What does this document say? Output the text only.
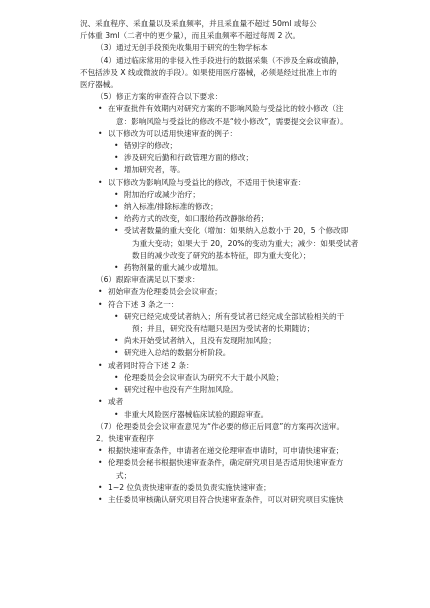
況、采血程序、采血量以及采血频率，并且采血量不超过 50ml 或每公
斤体重 3ml（二者中的更少量），而且采血频率不超过每周 2 次。
（3）通过无创手段预先收集用于研究的生物学标本
（4）通过临床常用的非侵入性手段进行的数据采集（不涉及全麻或镇静，
不包括涉及 X 线或微波的手段）。如果使用医疗器械，必须是经过批准上市的
医疗器械。
（5）修正方案的审查符合以下要求：
• 在审查批件有效期内对研究方案的不影响风险与受益比的较小修改（注
意：影响风险与受益比的修改不是“较小修改”，需要提交会议审查）。
• 以下修改为可以适用快速审查的例子：
• 错别字的修改；
• 涉及研究后勤和行政管理方面的修改；
• 增加研究者，等。
• 以下修改为影响风险与受益比的修改，不适用于快速审查：
• 附加治疗或减少治疗；
• 纳入标准/排除标准的修改；
• 给药方式的改变，如口服给药改静脉给药；
• 受试者数量的重大变化（增加：如果纳入总数小于 20，5 个修改即
为重大变动；如果大于 20，20%的变动为重大；减少：如果受试者
数目的减少改变了研究的基本特征，即为重大变化）；
• 药物剂量的重大减少或增加。
（6）跟踪审查满足以下要求：
• 初始审查为伦理委员会会议审查；
• 符合下述 3 条之一：
• 研究已经完成受试者纳入；所有受试者已经完成全部试验相关的干
预；并且，研究没有结题只是因为受试者的长期随访；
• 尚未开始受试者纳入，且没有发现附加风险；
• 研究进入总结的数据分析阶段。
• 或者同时符合下述 2 条：
• 伦理委员会会议审查认为研究不大于最小风险；
• 研究过程中也没有产生附加风险。
• 或者
• 非重大风险医疗器械临床试验的跟踪审查。
（7）伦理委员会会议审查意见为“作必要的修正后同意”的方案再次送审。
2．快速审查程序
• 根据快速审查条件，申请者在递交伦理审查申请时，可申请快速审查；
• 伦理委员会秘书根据快速审查条件，确定研究项目是否适用快速审查方
式；
• 1~2 位负责快速审查的委员负责实施快速审查；
• 主任委员审核确认研究项目符合快速审查条件，可以对研究项目实施快
